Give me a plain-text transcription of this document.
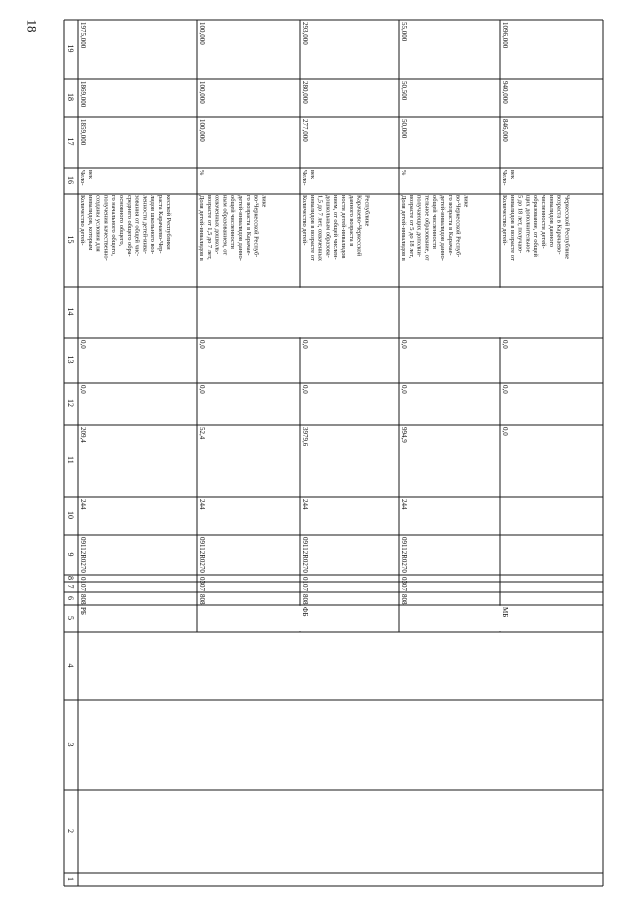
18
1
2
3
4
5
6
7
8
9
10
11
12
13
14
15
16
17
18
19
РБ
808
07
01
09112R0270
244
209,4
0,0
0,0
Количество детей- инвалидов, которым созданы условия для получения качественно- го начального общего, основного общего, среднего общего обра- зования от общей чис- ленности детей-инва- лидов школьного воз- раста Карачаево-Чер- кесской Республики
Чело- век
1859,000
1869,000
1975,000
808
07
03
09112R0270
244
52,4
0,0
0,0
Доля детей-инвалидов в возрасте от 1,5 до 7 лет, охваченных дошколь- ным образованием, от общей численности детей-инвалидов данно- го возраста в Карачае- во-Черкесской Респуб- лике
%
100,000
100,000
100,000
ФБ
808
07
01
09112R0270
244
3979,6
0,0
0,0
Количество детей- инвалидов в возрасте от 1,5 до 7 лет, охваченных дошкольным образова- нием, от общей числен- ности детей-инвалидов данного возраста в Карачаево-Черкесской Республике
Чело- век
277,000
280,000
293,000
808
07
03
09112R0270
244
994,9
0,0
0,0
Доля детей-инвалидов в возрасте от 5 до 18 лет, получающих дополни- тельное образование, от общей численности детей-инвалидов данно- го возраста в Карачае- во-Черкесской Респуб- лике
%
50,000
50,500
55,000
МБ
0,0
0,0
0,0
Количество детей- инвалидов в возрасте от 5 до 18 лет, получаю- щих дополнительное образование, от общей численности детей- инвалидов данного возраста в Карачаево- Черкесской Республике
Чело- век
846,000
940,000
1096,000
